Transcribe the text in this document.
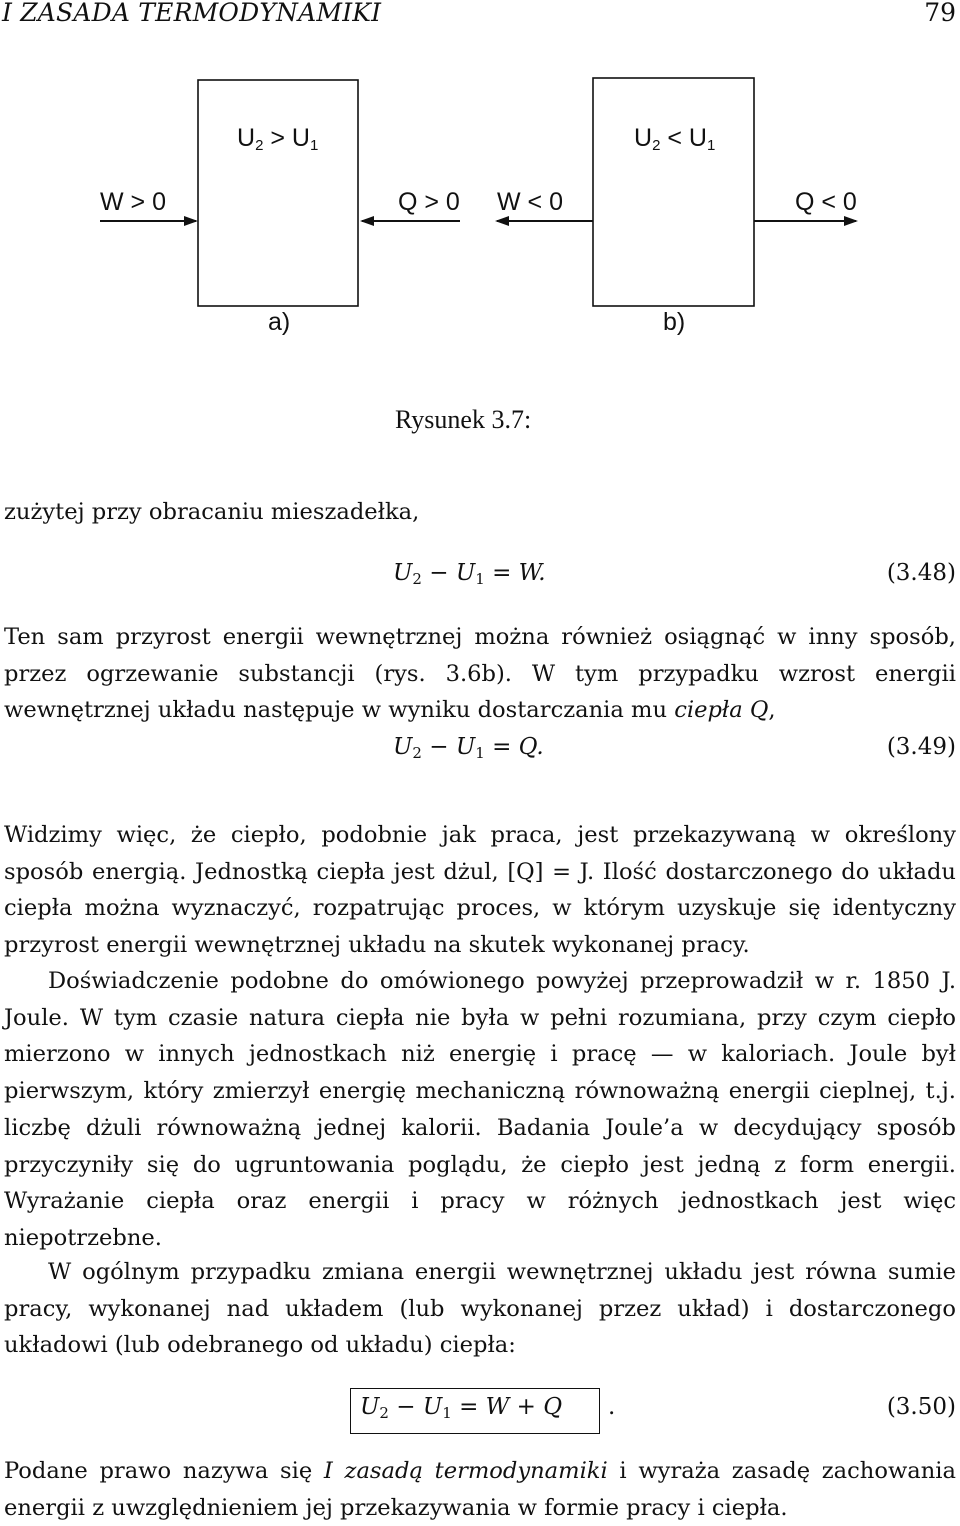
I ZASADA TERMODYNAMIKI	79
$U_2 > U_1$
W > 0	Q > 0
a)
$U_2 < U_1$
W < 0	Q < 0
b)
Rysunek 3.7:
zużytej przy obracaniu mieszadełka,
$U_2 - U_1 = W$.	(3.48)
Ten sam przyrost energii wewnętrznej można również osiągnąć w inny sposób, przez ogrzewanie substancji (rys. 3.6b). W tym przypadku wzrost energii wewnętrznej układu następuje w wyniku dostarczania mu ciepła Q,
$U_2 - U_1 = Q$.	(3.49)
Widzimy więc, że ciepło, podobnie jak praca, jest przekazywaną w określony sposób energią. Jednostką ciepła jest dżul, [Q] = J. Ilość dostarczonego do układu ciepła można wyznaczyć, rozpatrując proces, w którym uzyskuje się identyczny przyrost energii wewnętrznej układu na skutek wykonanej pracy.
Doświadczenie podobne do omówionego powyżej przeprowadził w r. 1850 J. Joule. W tym czasie natura ciepła nie była w pełni rozumiana, przy czym ciepło mierzono w innych jednostkach niż energię i pracę — w kaloriach. Joule był pierwszym, który zmierzył energię mechaniczną równoważną energii cieplnej, t.j. liczbę dżuli równoważną jednej kalorii. Badania Joule’a w decydujący sposób przyczyniły się do ugruntowania poglądu, że ciepło jest jedną z form energii. Wyrażanie ciepła oraz energii i pracy w różnych jednostkach jest więc niepotrzebne.
W ogólnym przypadku zmiana energii wewnętrznej układu jest równa sumie pracy, wykonanej nad układem (lub wykonanej przez układ) i dostarczonego układowi (lub odebranego od układu) ciepła:
$U_2 - U_1 = W + Q$ .	(3.50)
Podane prawo nazywa się I zasadą termodynamiki i wyraża zasadę zachowania energii z uwzględnieniem jej przekazywania w formie pracy i ciepła.
